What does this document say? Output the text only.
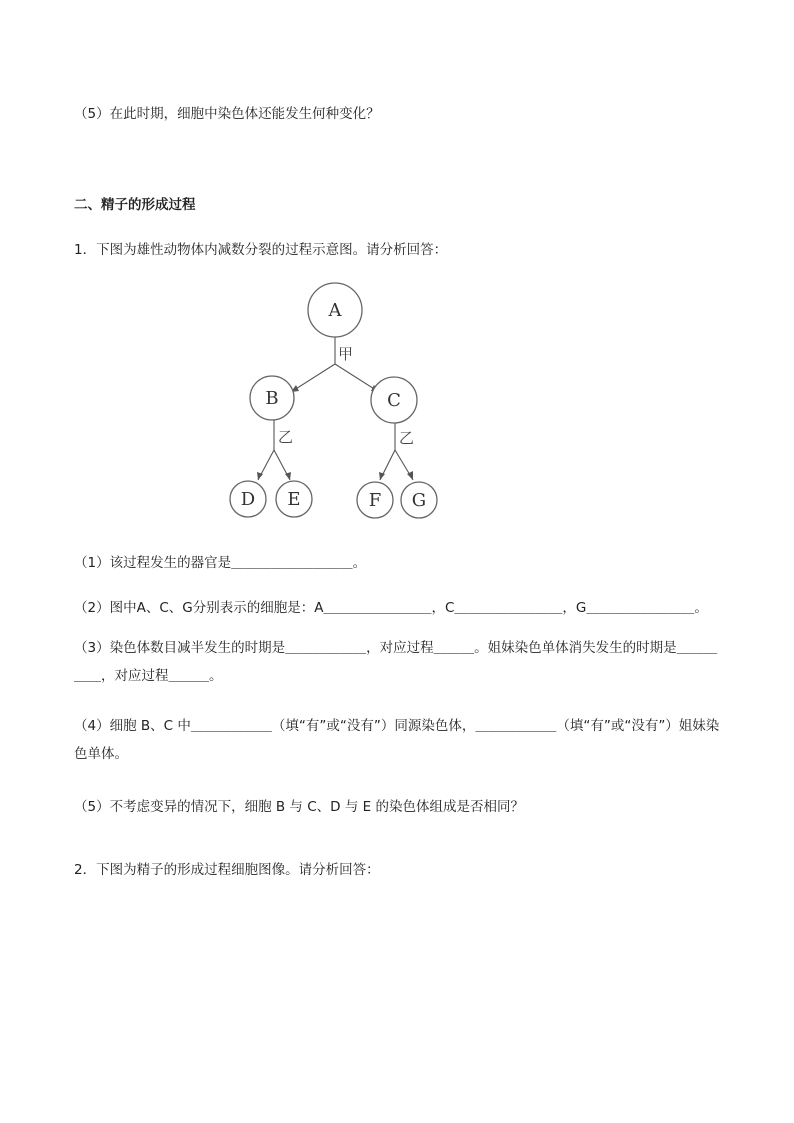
（5）在此时期，细胞中染色体还能发生何种变化？
二、精子的形成过程
1．下图为雄性动物体内减数分裂的过程示意图。请分析回答：
A
B	C
D E	F G
甲
乙	乙
（1）该过程发生的器官是＿＿＿＿＿＿＿＿＿。
（2）图中A、C、G分别表示的细胞是：A＿＿＿＿＿＿＿＿，C＿＿＿＿＿＿＿＿，G＿＿＿＿＿＿＿＿。
（3）染色体数目减半发生的时期是＿＿＿＿＿＿，对应过程＿＿＿。姐妹染色单体消失发生的时期是＿＿＿＿＿，对应过程＿＿＿。
（4）细胞 B、C 中＿＿＿＿＿＿（填“有”或“没有”）同源染色体，＿＿＿＿＿＿（填“有”或“没有”）姐妹染色单体。
（5）不考虑变异的情况下，细胞 B 与 C、D 与 E 的染色体组成是否相同？
2．下图为精子的形成过程细胞图像。请分析回答：
